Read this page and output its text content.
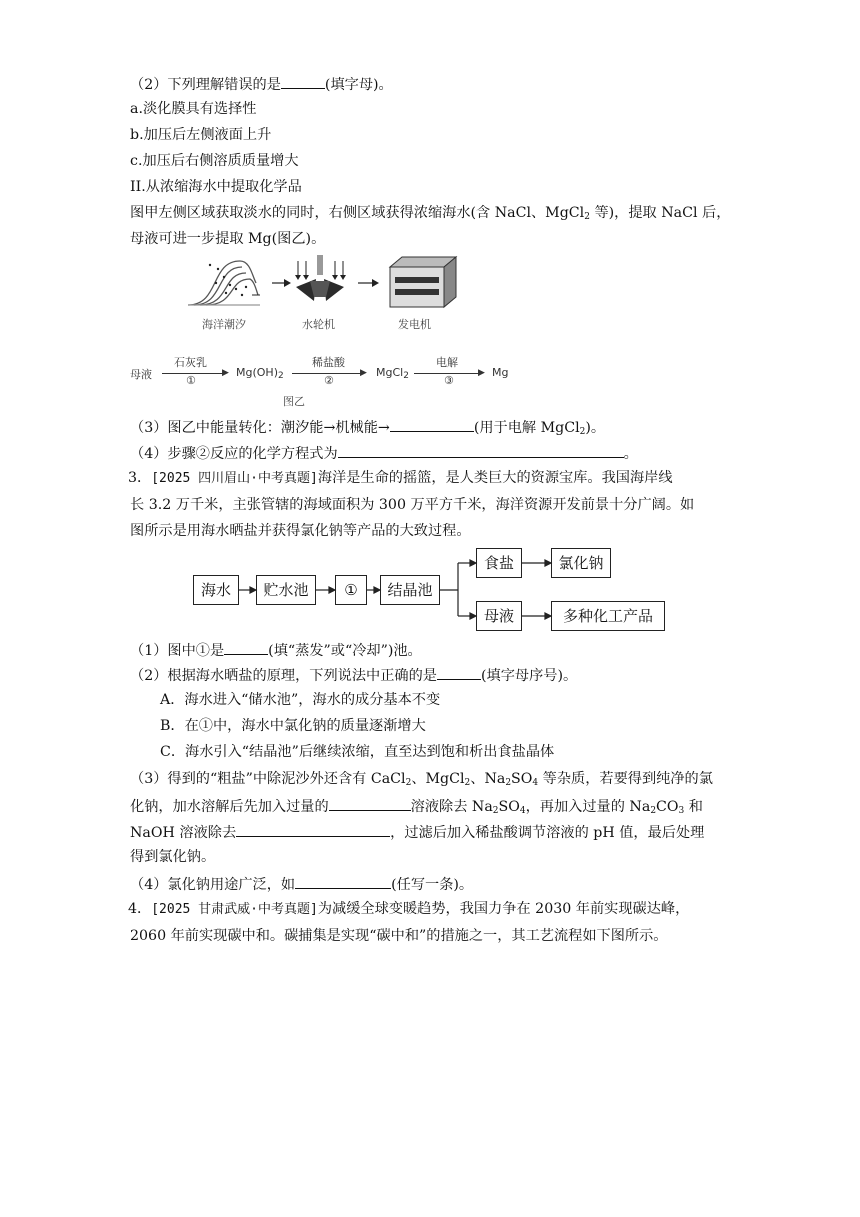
（2）下列理解错误的是	(填字母)。
a.淡化膜具有选择性
b.加压后左侧液面上升
c.加压后右侧溶质质量增大
II.从浓缩海水中提取化学品
图甲左侧区域获取淡水的同时，右侧区域获得浓缩海水(含 NaCl、MgCl$_2$ 等)，提取 NaCl 后，
母液可进一步提取 Mg(图乙)。
海洋潮汐	水轮机	发电机
母液
石灰乳
▶
①
$Mg(OH)_2$
稀盐酸
▶
②
MgCl$_2$
电解
▶
③
Mg
图乙
（3）图乙中能量转化：潮汐能→机械能→	(用于电解 MgCl$_2$)。
（4）步骤②反应的化学方程式为	。
3．[2025 四川眉山·中考真题]海洋是生命的摇篮，是人类巨大的资源宝库。我国海岸线
长 3.2 万千米，主张管辖的海域面积为 300 万平方千米，海洋资源开发前景十分广阔。如
图所示是用海水晒盐并获得氯化钠等产品的大致过程。
海水	贮水池	①	结晶池
食盐	氯化钠
母液	多种化工产品
（1）图中①是	(填“蒸发”或“冷却”)池。
（2）根据海水晒盐的原理，下列说法中正确的是	(填字母序号)。
A．海水进入“储水池”，海水的成分基本不变
B．在①中，海水中氯化钠的质量逐渐增大
C．海水引入“结晶池”后继续浓缩，直至达到饱和析出食盐晶体
（3）得到的“粗盐”中除泥沙外还含有 CaCl$_2$、MgCl$_2$、$Na_2SO_4$ 等杂质，若要得到纯净的氯
化钠，加水溶解后先加入过量的	溶液除去 $Na_2SO_4$，再加入过量的 $Na_2CO_3$ 和
NaOH 溶液除去	，过滤后加入稀盐酸调节溶液的 pH 值，最后处理
得到氯化钠。
（4）氯化钠用途广泛，如	(任写一条)。
4．[2025 甘肃武威·中考真题]为减缓全球变暖趋势，我国力争在 2030 年前实现碳达峰，
2060 年前实现碳中和。碳捕集是实现“碳中和”的措施之一，其工艺流程如下图所示。
